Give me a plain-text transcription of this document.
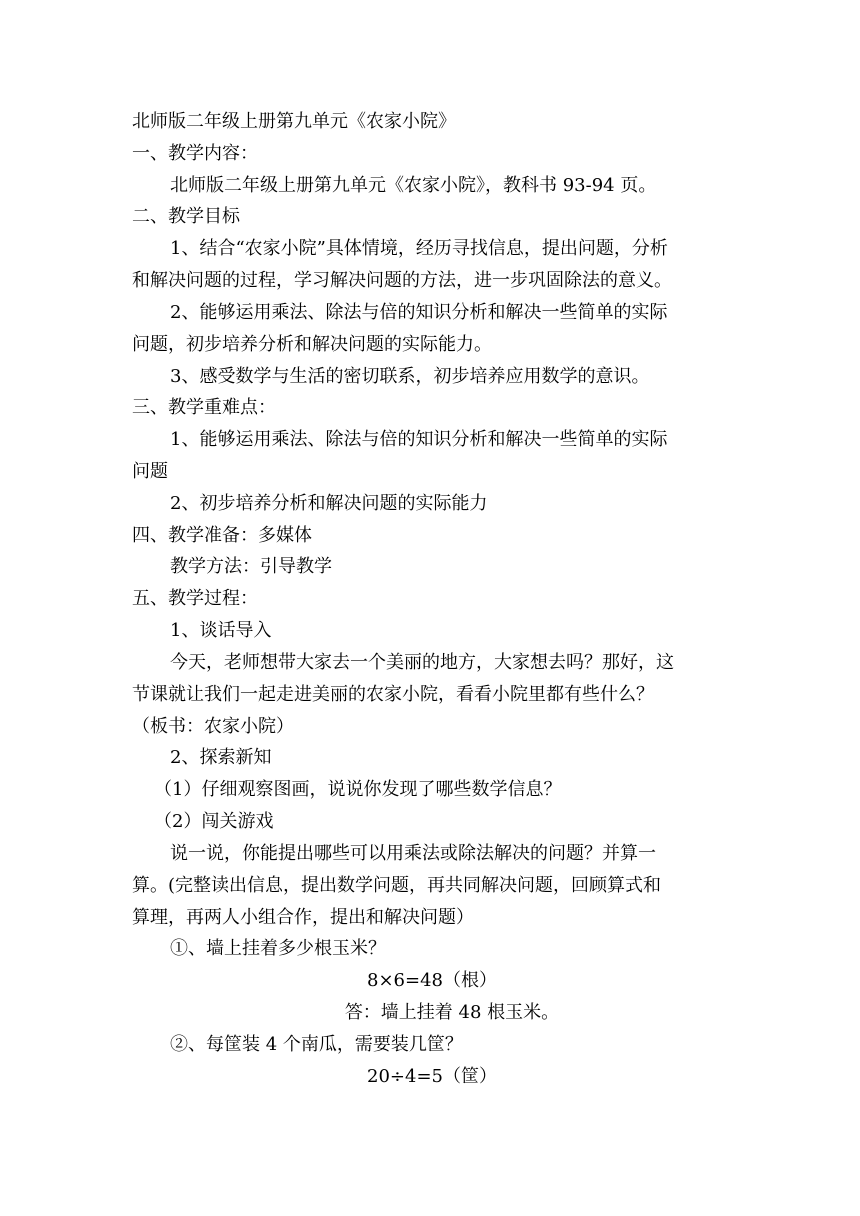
北师版二年级上册第九单元《农家小院》
一、教学内容：
北师版二年级上册第九单元《农家小院》，教科书 93-94 页。
二、教学目标
1、结合“农家小院”具体情境，经历寻找信息，提出问题，分析
和解决问题的过程，学习解决问题的方法，进一步巩固除法的意义。
2、能够运用乘法、除法与倍的知识分析和解决一些简单的实际
问题，初步培养分析和解决问题的实际能力。
3、感受数学与生活的密切联系，初步培养应用数学的意识。
三、教学重难点：
1、能够运用乘法、除法与倍的知识分析和解决一些简单的实际
问题
2、初步培养分析和解决问题的实际能力
四、教学准备：多媒体
教学方法：引导教学
五、教学过程：
1、谈话导入
今天，老师想带大家去一个美丽的地方，大家想去吗？那好，这
节课就让我们一起走进美丽的农家小院，看看小院里都有些什么？
（板书：农家小院）
2、探索新知
（1）仔细观察图画，说说你发现了哪些数学信息？
（2）闯关游戏
说一说，你能提出哪些可以用乘法或除法解决的问题？并算一
算。(完整读出信息，提出数学问题，再共同解决问题，回顾算式和
算理，再两人小组合作，提出和解决问题）
①、墙上挂着多少根玉米？
8×6=48（根）
答：墙上挂着 48 根玉米。
②、每筐装 4 个南瓜，需要装几筐？
20÷4=5（筐）
